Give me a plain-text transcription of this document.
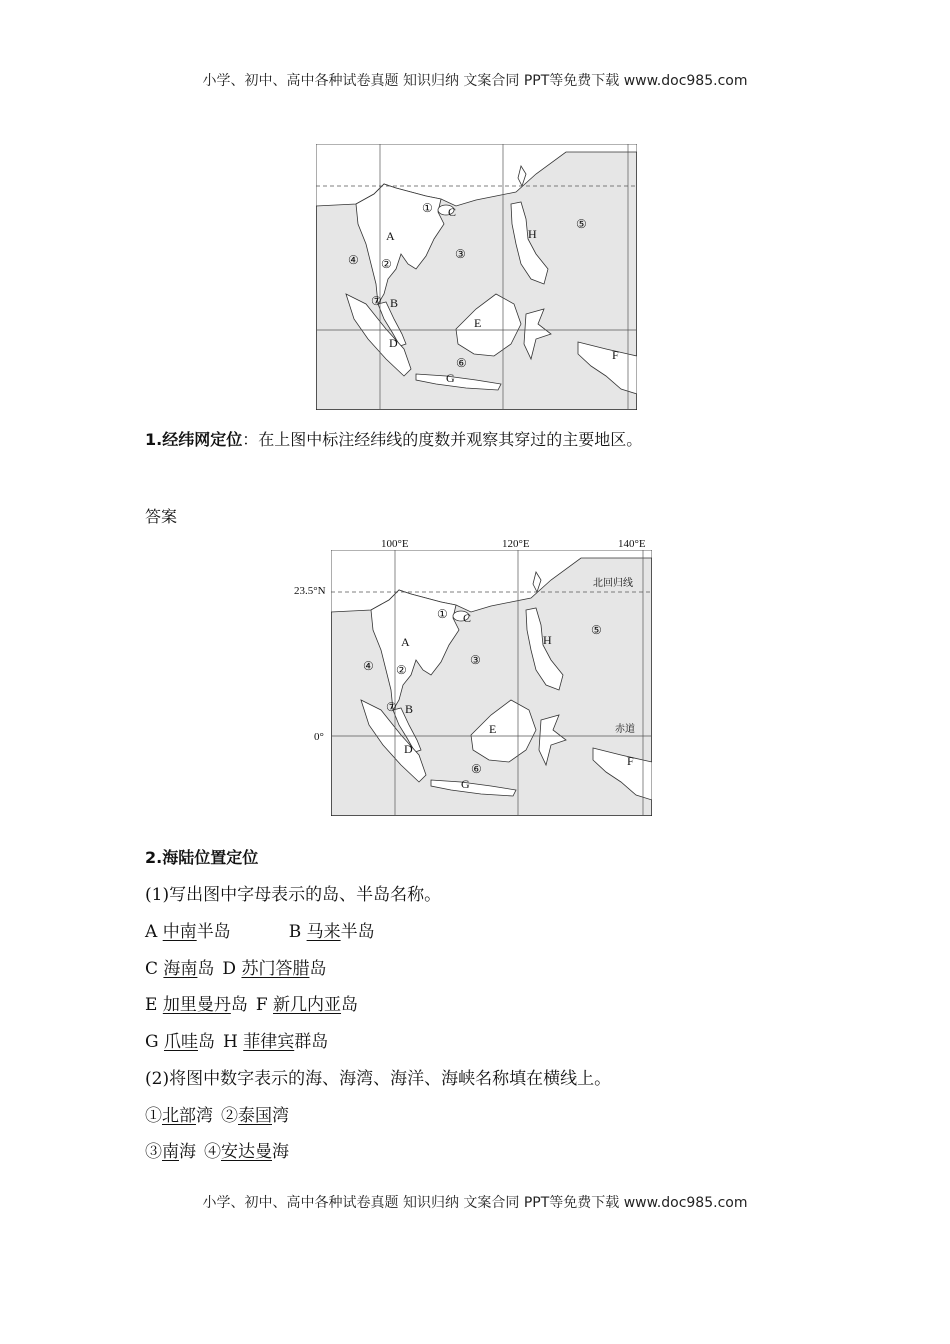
小学、初中、高中各种试卷真题 知识归纳 文案合同 PPT等免费下载 www.doc985.com
A
B
C
D
E
F
G
H
①
②
③
④
⑤
⑥
⑦
1.经纬网定位：在上图中标注经纬线的度数并观察其穿过的主要地区。
答案
100°E	120°E	140°E
23.5°N
0°
北回归线
赤道
A
B
C
D
E
F
G
H
①
②
③
④
⑤
⑥
⑦
2.海陆位置定位
(1)写出图中字母表示的岛、半岛名称。
A 中南半岛	B 马来半岛
C 海南岛 D 苏门答腊岛
E 加里曼丹岛 F 新几内亚岛
G 爪哇岛 H 菲律宾群岛
(2)将图中数字表示的海、海湾、海洋、海峡名称填在横线上。
①北部湾 ②泰国湾
③南海 ④安达曼海
小学、初中、高中各种试卷真题 知识归纳 文案合同 PPT等免费下载 www.doc985.com
